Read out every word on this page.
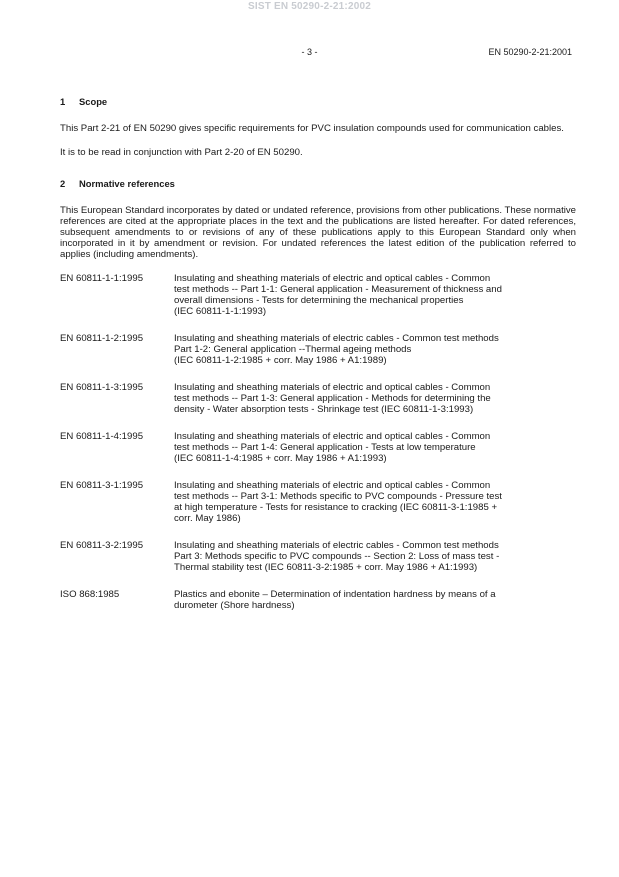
SIST EN 50290-2-21:2002
- 3 -	EN 50290-2-21:2001

1 Scope

This Part 2-21 of EN 50290 gives specific requirements for PVC insulation compounds used for communication cables.

It is to be read in conjunction with Part 2-20 of EN 50290.

2 Normative references

This European Standard incorporates by dated or undated reference, provisions from other publications. These normative references are cited at the appropriate places in the text and the publications are listed hereafter. For dated references, subsequent amendments to or revisions of any of these publications apply to this European Standard only when incorporated in it by amendment or revision. For undated references the latest edition of the publication referred to applies (including amendments).

EN 60811-1-1:1995	Insulating and sheathing materials of electric and optical cables - Common
test methods -- Part 1-1: General application - Measurement of thickness and
overall dimensions - Tests for determining the mechanical properties
(IEC 60811-1-1:1993)
EN 60811-1-2:1995	Insulating and sheathing materials of electric cables - Common test methods
Part 1-2: General application --Thermal ageing methods
(IEC 60811-1-2:1985 + corr. May 1986 + A1:1989)
EN 60811-1-3:1995	Insulating and sheathing materials of electric and optical cables - Common
test methods -- Part 1-3: General application - Methods for determining the
density - Water absorption tests - Shrinkage test (IEC 60811-1-3:1993)
EN 60811-1-4:1995	Insulating and sheathing materials of electric and optical cables - Common
test methods -- Part 1-4: General application - Tests at low temperature
(IEC 60811-1-4:1985 + corr. May 1986 + A1:1993)
EN 60811-3-1:1995	Insulating and sheathing materials of electric and optical cables - Common
test methods -- Part 3-1: Methods specific to PVC compounds - Pressure test
at high temperature - Tests for resistance to cracking (IEC 60811-3-1:1985 +
corr. May 1986)
EN 60811-3-2:1995	Insulating and sheathing materials of electric cables - Common test methods
Part 3: Methods specific to PVC compounds -- Section 2: Loss of mass test -
Thermal stability test (IEC 60811-3-2:1985 + corr. May 1986 + A1:1993)
ISO 868:1985	Plastics and ebonite – Determination of indentation hardness by means of a
durometer (Shore hardness)
